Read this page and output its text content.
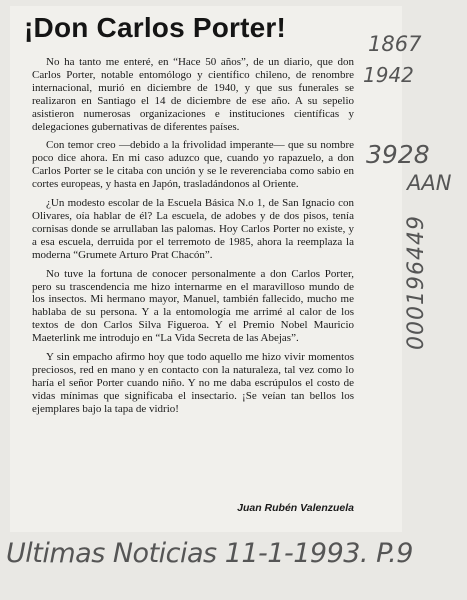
¡Don Carlos Porter!

No ha tanto me enteré, en “Hace 50 años”, de un diario, que don Carlos Porter, notable entomólogo y científico chileno, de renombre internacional, murió en diciembre de 1940, y que sus funerales se realizaron en Santiago el 14 de diciembre de ese año. A su sepelio asistieron numerosas organizaciones e instituciones científicas y delegaciones gubernativas de diferentes países.

Con temor creo —debido a la frivolidad imperante— que su nombre poco dice ahora. En mi caso aduzco que, cuando yo rapazuelo, a don Carlos Porter se le citaba con unción y se le reverenciaba como sabio en cortes europeas, y hasta en Japón, trasladándonos al Oriente.

¿Un modesto escolar de la Escuela Básica N.o 1, de San Ignacio con Olivares, oía hablar de él? La escuela, de adobes y de dos pisos, tenía cornisas donde se arrullaban las palomas. Hoy Carlos Porter no existe, y a esa escuela, derruida por el terremoto de 1985, ahora la reemplaza la moderna “Grumete Arturo Prat Chacón”.

No tuve la fortuna de conocer personalmente a don Carlos Porter, pero su trascendencia me hizo internarme en el maravilloso mundo de los insectos. Mi hermano mayor, Manuel, también fallecido, mucho me hablaba de su persona. Y a la entomología me arrimé al calor de los textos de don Carlos Silva Figueroa. Y el Premio Nobel Mauricio Maeterlink me introdujo en “La Vida Secreta de las Abejas”.

Y sin empacho afirmo hoy que todo aquello me hizo vivir momentos preciosos, red en mano y en contacto con la naturaleza, tal vez como lo haría el señor Porter cuando niño. Y no me daba escrúpulos el costo de vidas mínimas que significaba el insectario. ¡Se veían tan bellos los ejemplares bajo la tapa de vidrio!

Juan Rubén Valenzuela
1867
1942
3928
AAN
000196449
Ultimas Noticias 11-1-1993. P.9
